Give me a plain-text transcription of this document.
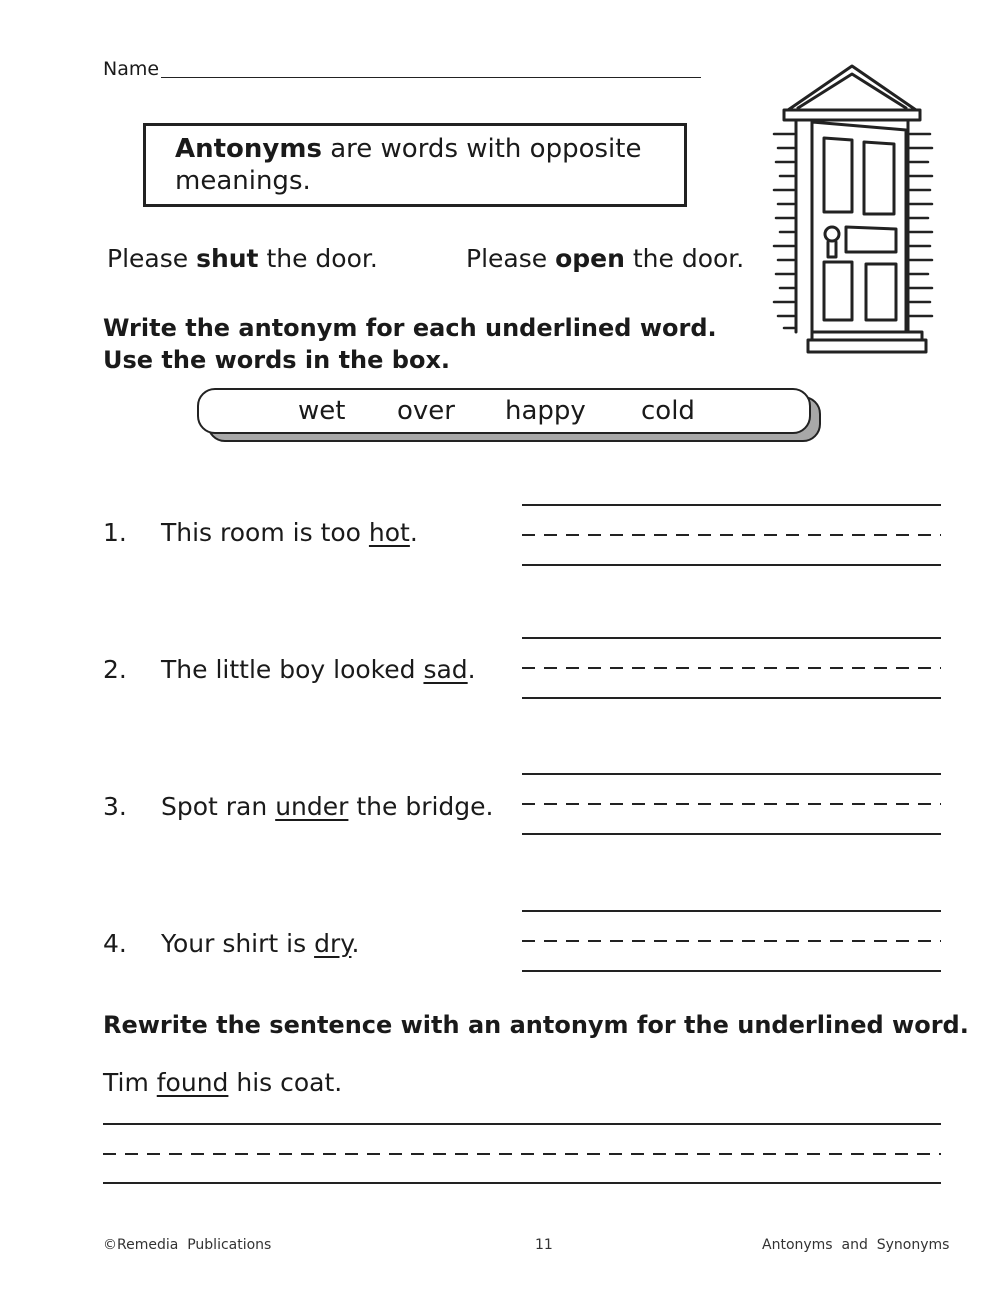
Name
Antonyms are words with opposite meanings.
Please shut the door.	Please open the door.
Write the antonym for each underlined word.
Use the words in the box.
wet over happy cold
1. This room is too hot.
2. The little boy looked sad.
3. Spot ran under the bridge.
4. Your shirt is dry.
Rewrite the sentence with an antonym for the underlined word.
Tim found his coat.
©Remedia  Publications	11	Antonyms  and  Synonyms
